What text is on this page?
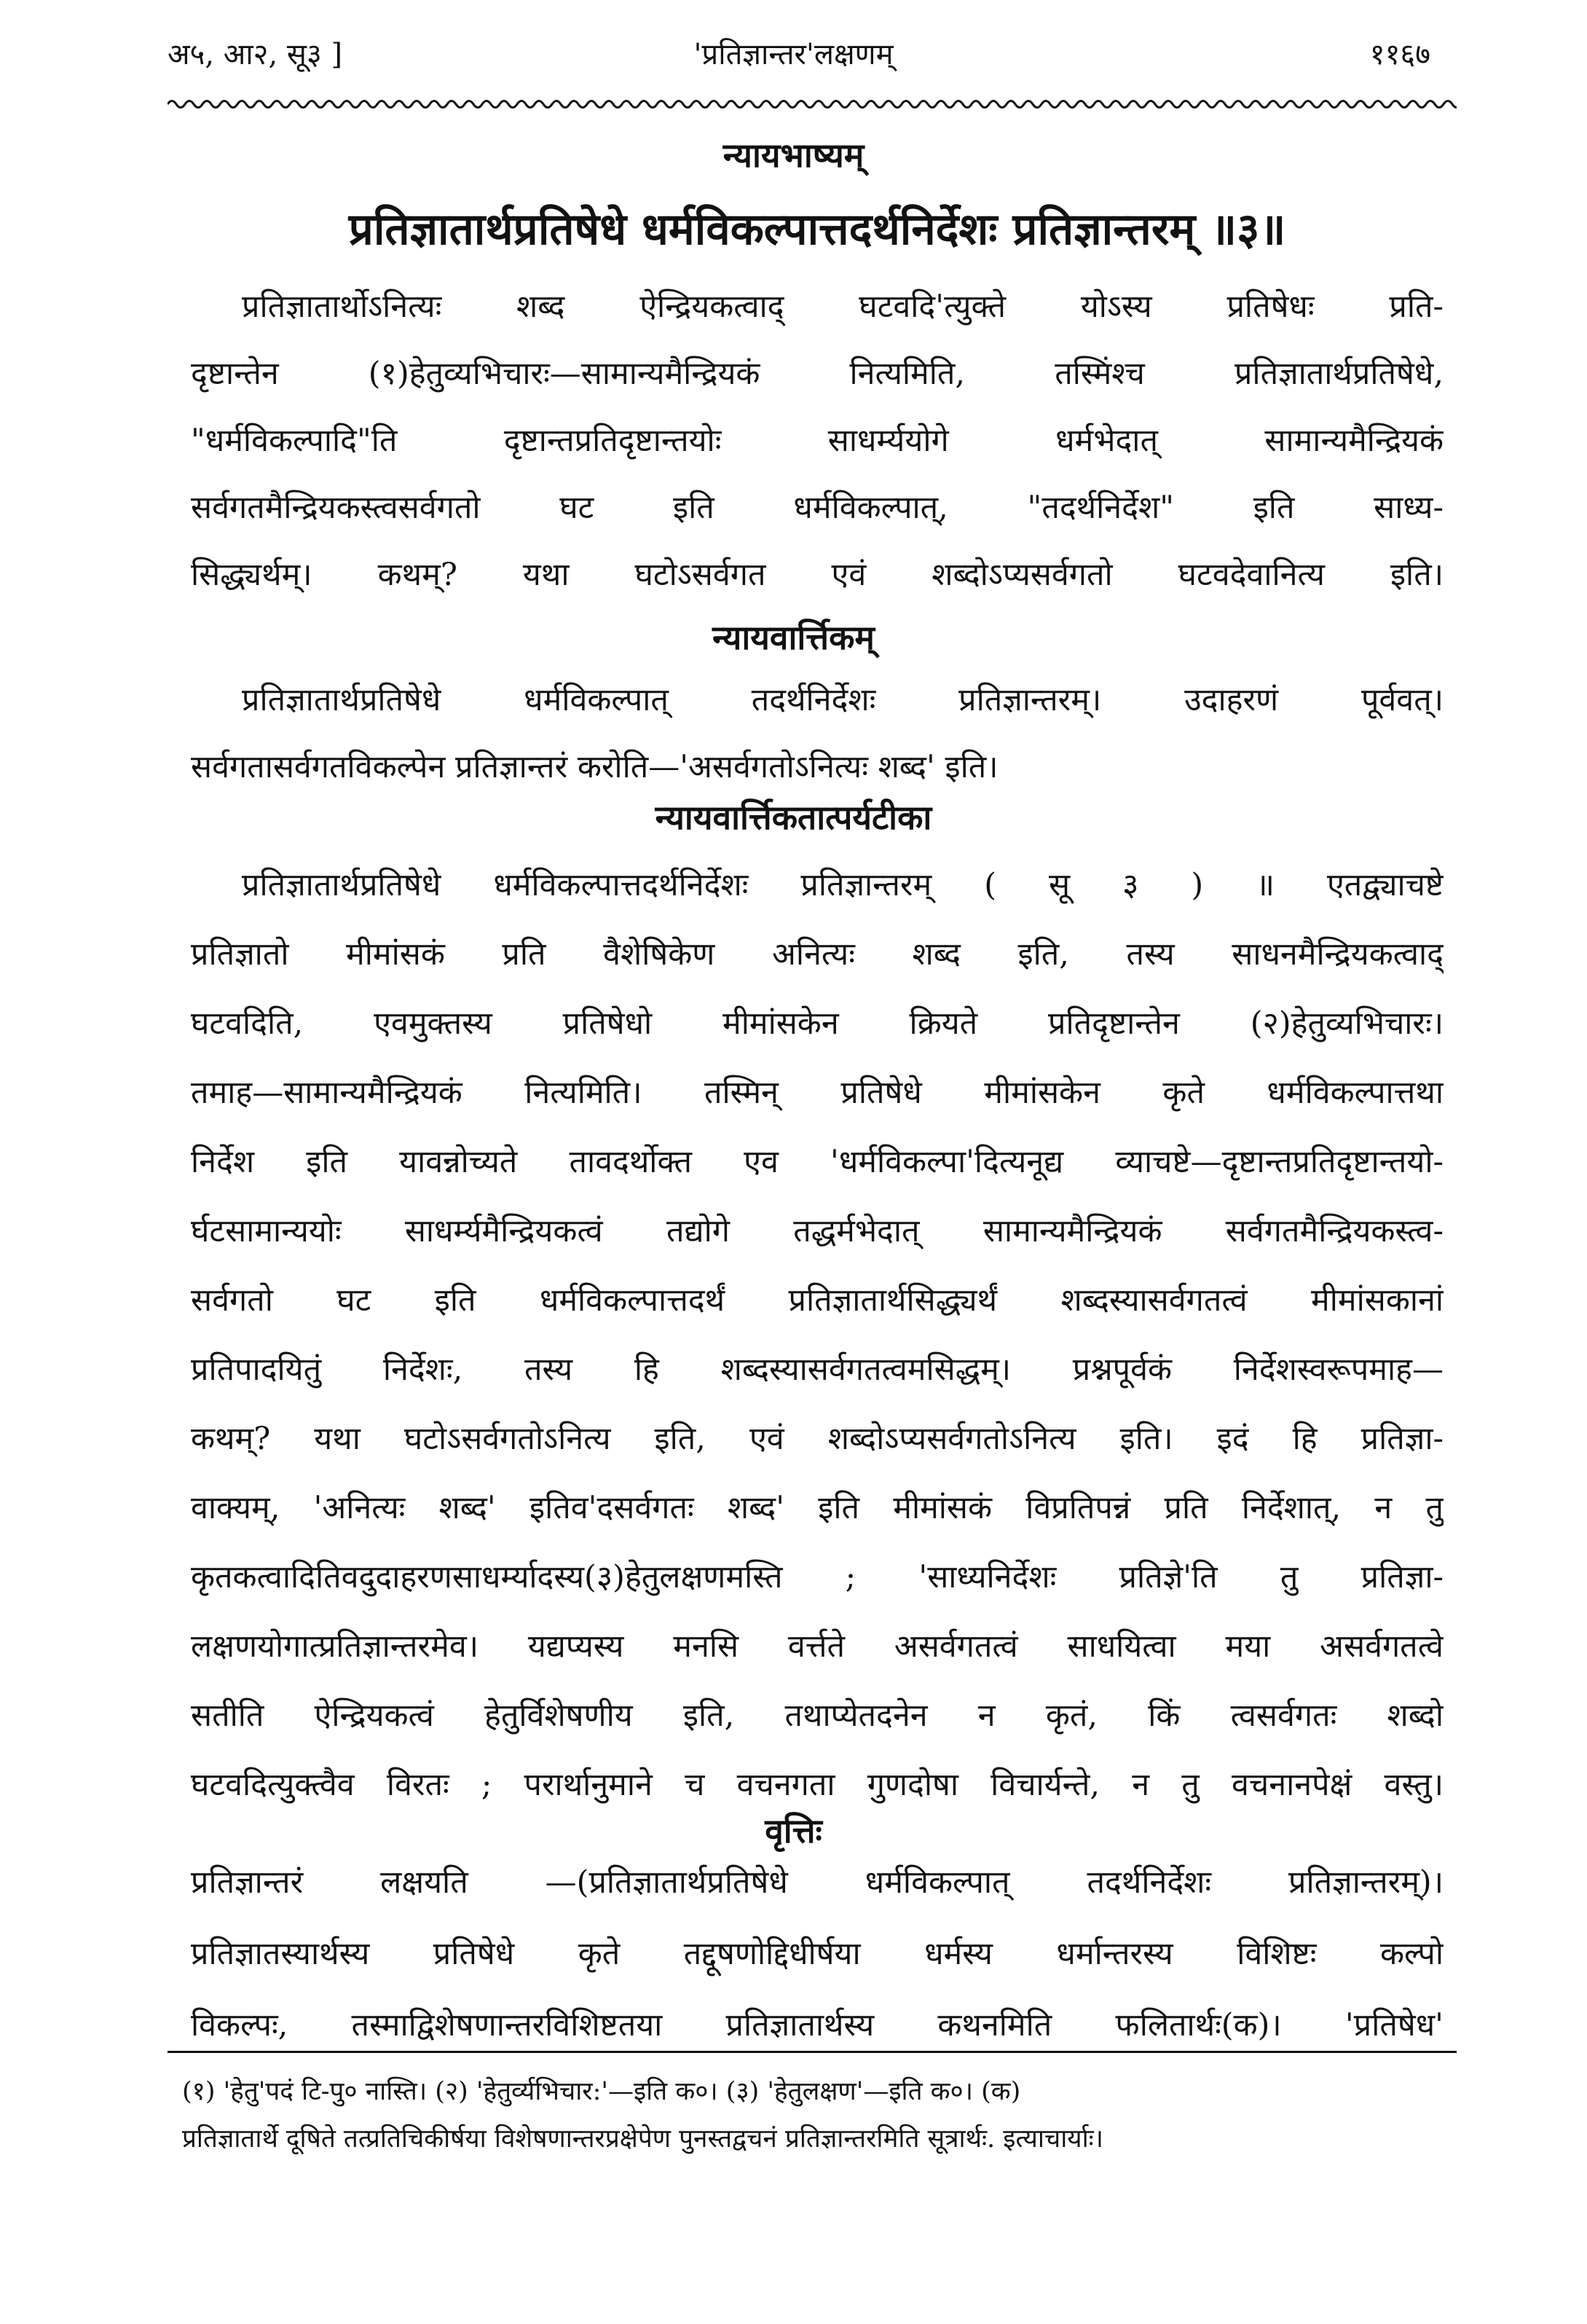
अ५, आ२, सू३ ]	'प्रतिज्ञान्तर'लक्षणम्	११६७
न्यायभाष्यम्
प्रतिज्ञातार्थप्रतिषेधे धर्मविकल्पात्तदर्थनिर्देशः प्रतिज्ञान्तरम् ॥३॥
प्रतिज्ञातार्थोऽनित्यः शब्द ऐन्द्रियकत्वाद् घटवदि'त्युक्ते योऽस्य प्रतिषेधः प्रति-
दृष्टान्तेन (१)हेतुव्यभिचारः—सामान्यमैन्द्रियकं नित्यमिति, तस्मिंश्च प्रतिज्ञातार्थप्रतिषेधे,
"धर्मविकल्पादि"ति दृष्टान्तप्रतिदृष्टान्तयोः साधर्म्ययोगे धर्मभेदात् सामान्यमैन्द्रियकं
सर्वगतमैन्द्रियकस्त्वसर्वगतो घट इति धर्मविकल्पात्, "तदर्थनिर्देश" इति साध्य-
सिद्ध्यर्थम्। कथम्? यथा घटोऽसर्वगत एवं शब्दोऽप्यसर्वगतो घटवदेवानित्य इति।
न्यायवार्त्तिकम्
प्रतिज्ञातार्थप्रतिषेधे धर्मविकल्पात् तदर्थनिर्देशः प्रतिज्ञान्तरम्। उदाहरणं पूर्ववत्।
सर्वगतासर्वगतविकल्पेन प्रतिज्ञान्तरं करोति—'असर्वगतोऽनित्यः शब्द' इति।
न्यायवार्त्तिकतात्पर्यटीका
प्रतिज्ञातार्थप्रतिषेधे धर्मविकल्पात्तदर्थनिर्देशः प्रतिज्ञान्तरम् ( सू ३ ) ॥ एतद्व्याचष्टे
प्रतिज्ञातो मीमांसकं प्रति वैशेषिकेण अनित्यः शब्द इति, तस्य साधनमैन्द्रियकत्वाद्
घटवदिति, एवमुक्तस्य प्रतिषेधो मीमांसकेन क्रियते प्रतिदृष्टान्तेन (२)हेतुव्यभिचारः।
तमाह—सामान्यमैन्द्रियकं नित्यमिति। तस्मिन् प्रतिषेधे मीमांसकेन कृते धर्मविकल्पात्तथा
निर्देश इति यावन्नोच्यते तावदर्थोक्त एव 'धर्मविकल्पा'दित्यनूद्य व्याचष्टे—दृष्टान्तप्रतिदृष्टान्तयो-
र्घटसामान्ययोः साधर्म्यमैन्द्रियकत्वं तद्योगे तद्धर्मभेदात् सामान्यमैन्द्रियकं सर्वगतमैन्द्रियकस्त्व-
सर्वगतो घट इति धर्मविकल्पात्तदर्थं प्रतिज्ञातार्थसिद्ध्यर्थं शब्दस्यासर्वगतत्वं मीमांसकानां
प्रतिपादयितुं निर्देशः, तस्य हि शब्दस्यासर्वगतत्वमसिद्धम्। प्रश्नपूर्वकं निर्देशस्वरूपमाह—
कथम्? यथा घटोऽसर्वगतोऽनित्य इति, एवं शब्दोऽप्यसर्वगतोऽनित्य इति। इदं हि प्रतिज्ञा-
वाक्यम्, 'अनित्यः शब्द' इतिव'दसर्वगतः शब्द' इति मीमांसकं विप्रतिपन्नं प्रति निर्देशात्, न तु
कृतकत्वादितिवदुदाहरणसाधर्म्यादस्य(३)हेतुलक्षणमस्ति ; 'साध्यनिर्देशः प्रतिज्ञे'ति तु प्रतिज्ञा-
लक्षणयोगात्प्रतिज्ञान्तरमेव। यद्यप्यस्य मनसि वर्त्तते असर्वगतत्वं साधयित्वा मया असर्वगतत्वे
सतीति ऐन्द्रियकत्वं हेतुर्विशेषणीय इति, तथाप्येतदनेन न कृतं, किं त्वसर्वगतः शब्दो
घटवदित्युक्त्वैव विरतः ; परार्थानुमाने च वचनगता गुणदोषा विचार्यन्ते, न तु वचनानपेक्षं वस्तु।
वृत्तिः
प्रतिज्ञान्तरं लक्षयति —(प्रतिज्ञातार्थप्रतिषेधे धर्मविकल्पात् तदर्थनिर्देशः प्रतिज्ञान्तरम्)।
प्रतिज्ञातस्यार्थस्य प्रतिषेधे कृते तद्दूषणोद्दिधीर्षया धर्मस्य धर्मान्तरस्य विशिष्टः कल्पो
विकल्पः, तस्माद्विशेषणान्तरविशिष्टतया प्रतिज्ञातार्थस्य कथनमिति फलितार्थः(क)। 'प्रतिषेध'
(१) 'हेतु'पदं टि-पु० नास्ति। (२) 'हेतुर्व्यभिचार:'—इति क०। (३) 'हेतुलक्षण'—इति क०। (क)
प्रतिज्ञातार्थे दूषिते तत्प्रतिचिकीर्षया विशेषणान्तरप्रक्षेपेण पुनस्तद्वचनं प्रतिज्ञान्तरमिति सूत्रार्थः. इत्याचार्याः।
